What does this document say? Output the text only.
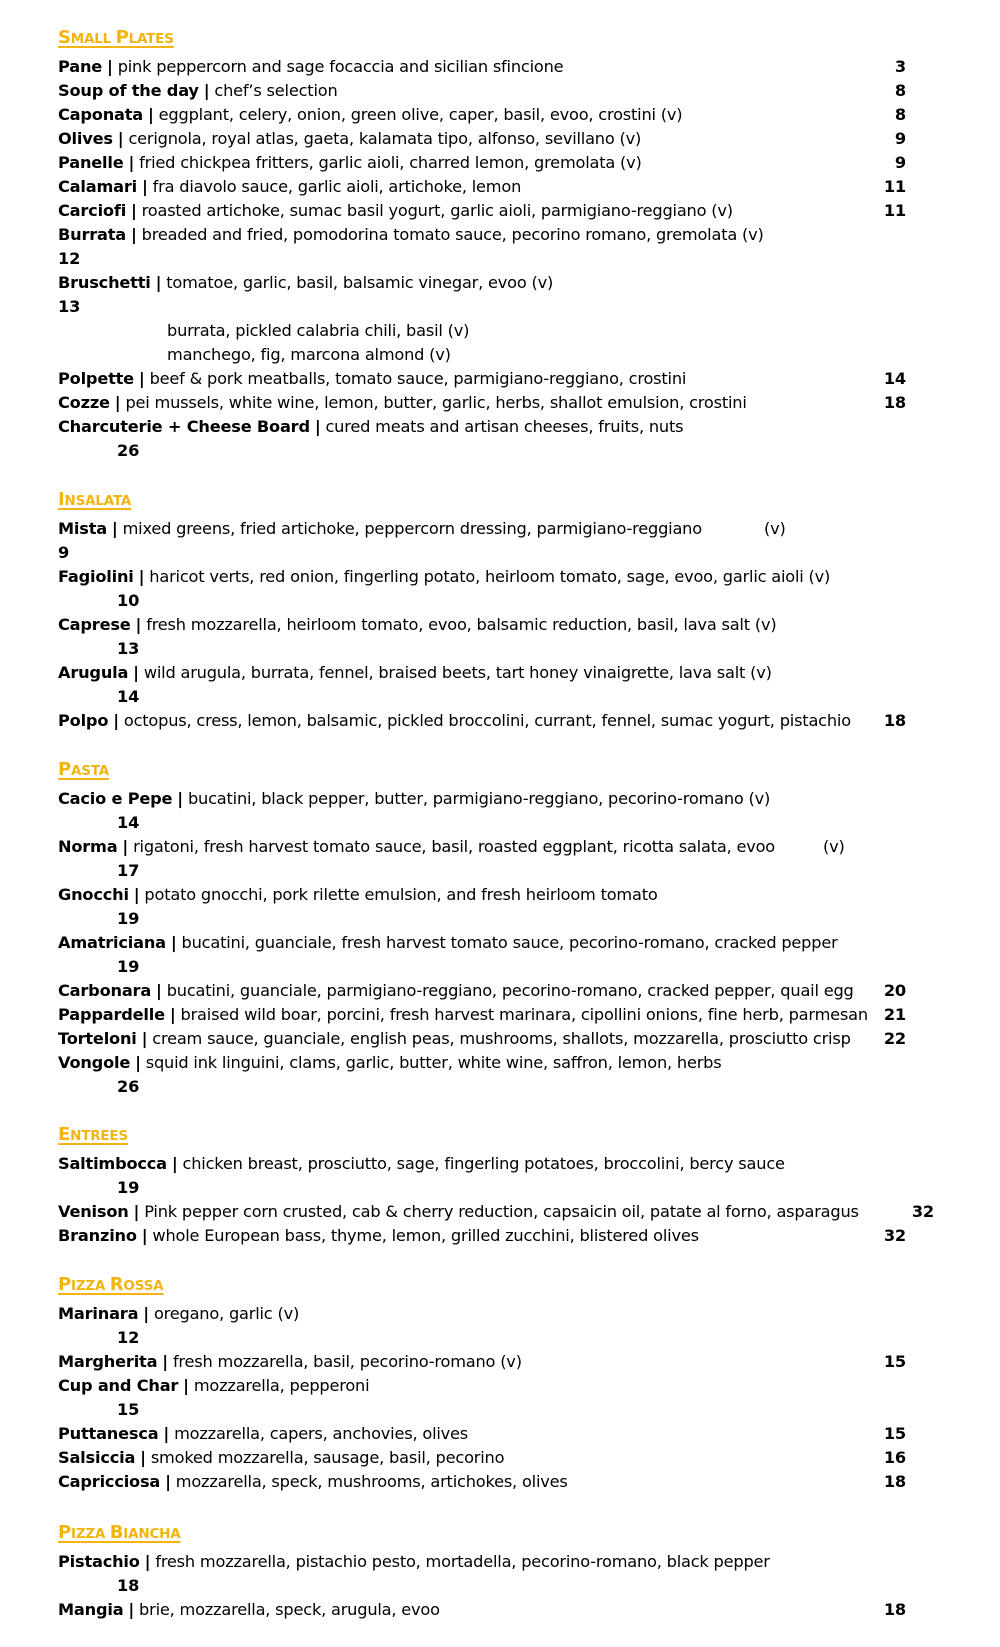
SMALL PLATES
Pane | pink peppercorn and sage focaccia and sicilian sfincione	3
Soup of the day | chef’s selection	8
Caponata | eggplant, celery, onion, green olive, caper, basil, evoo, crostini (v)	8
Olives | cerignola, royal atlas, gaeta, kalamata tipo, alfonso, sevillano (v)	9
Panelle | fried chickpea fritters, garlic aioli, charred lemon, gremolata (v)	9
Calamari | fra diavolo sauce, garlic aioli, artichoke, lemon	11
Carciofi | roasted artichoke, sumac basil yogurt, garlic aioli, parmigiano-reggiano (v)	11
Burrata | breaded and fried, pomodorina tomato sauce, pecorino romano, gremolata (v)
12
Bruschetti | tomatoe, garlic, basil, balsamic vinegar, evoo (v)
13
burrata, pickled calabria chili, basil (v)
manchego, fig, marcona almond (v)
Polpette | beef & pork meatballs, tomato sauce, parmigiano-reggiano, crostini	14
Cozze | pei mussels, white wine, lemon, butter, garlic, herbs, shallot emulsion, crostini	18
Charcuterie + Cheese Board | cured meats and artisan cheeses, fruits, nuts
26
INSALATA
Mista | mixed greens, fried artichoke, peppercorn dressing, parmigiano-reggiano	(v)
9
Fagiolini | haricot verts, red onion, fingerling potato, heirloom tomato, sage, evoo, garlic aioli (v)
10
Caprese | fresh mozzarella, heirloom tomato, evoo, balsamic reduction, basil, lava salt (v)
13
Arugula | wild arugula, burrata, fennel, braised beets, tart honey vinaigrette, lava salt (v)
14
Polpo | octopus, cress, lemon, balsamic, pickled broccolini, currant, fennel, sumac yogurt, pistachio 18
PASTA
Cacio e Pepe | bucatini, black pepper, butter, parmigiano-reggiano, pecorino-romano (v)
14
Norma | rigatoni, fresh harvest tomato sauce, basil, roasted eggplant, ricotta salata, evoo	(v)
17
Gnocchi | potato gnocchi, pork rilette emulsion, and fresh heirloom tomato
19
Amatriciana | bucatini, guanciale, fresh harvest tomato sauce, pecorino-romano, cracked pepper
19
Carbonara | bucatini, guanciale, parmigiano-reggiano, pecorino-romano, cracked pepper, quail egg 20
Pappardelle | braised wild boar, porcini, fresh harvest marinara, cipollini onions, fine herb, parmesan 21
Torteloni | cream sauce, guanciale, english peas, mushrooms, shallots, mozzarella, prosciutto crisp 22
Vongole | squid ink linguini, clams, garlic, butter, white wine, saffron, lemon, herbs
26
ENTREES
Saltimbocca | chicken breast, prosciutto, sage, fingerling potatoes, broccolini, bercy sauce
19
Venison | Pink pepper corn crusted, cab & cherry reduction, capsaicin oil, patate al forno, asparagus	32
Branzino | whole European bass, thyme, lemon, grilled zucchini, blistered olives	32
PIZZA ROSSA
Marinara | oregano, garlic (v)
12
Margherita | fresh mozzarella, basil, pecorino-romano (v)	15
Cup and Char | mozzarella, pepperoni
15
Puttanesca | mozzarella, capers, anchovies, olives	15
Salsiccia | smoked mozzarella, sausage, basil, pecorino	16
Capricciosa | mozzarella, speck, mushrooms, artichokes, olives	18
PIZZA BIANCHA
Pistachio | fresh mozzarella, pistachio pesto, mortadella, pecorino-romano, black pepper
18
Mangia | brie, mozzarella, speck, arugula, evoo	18
